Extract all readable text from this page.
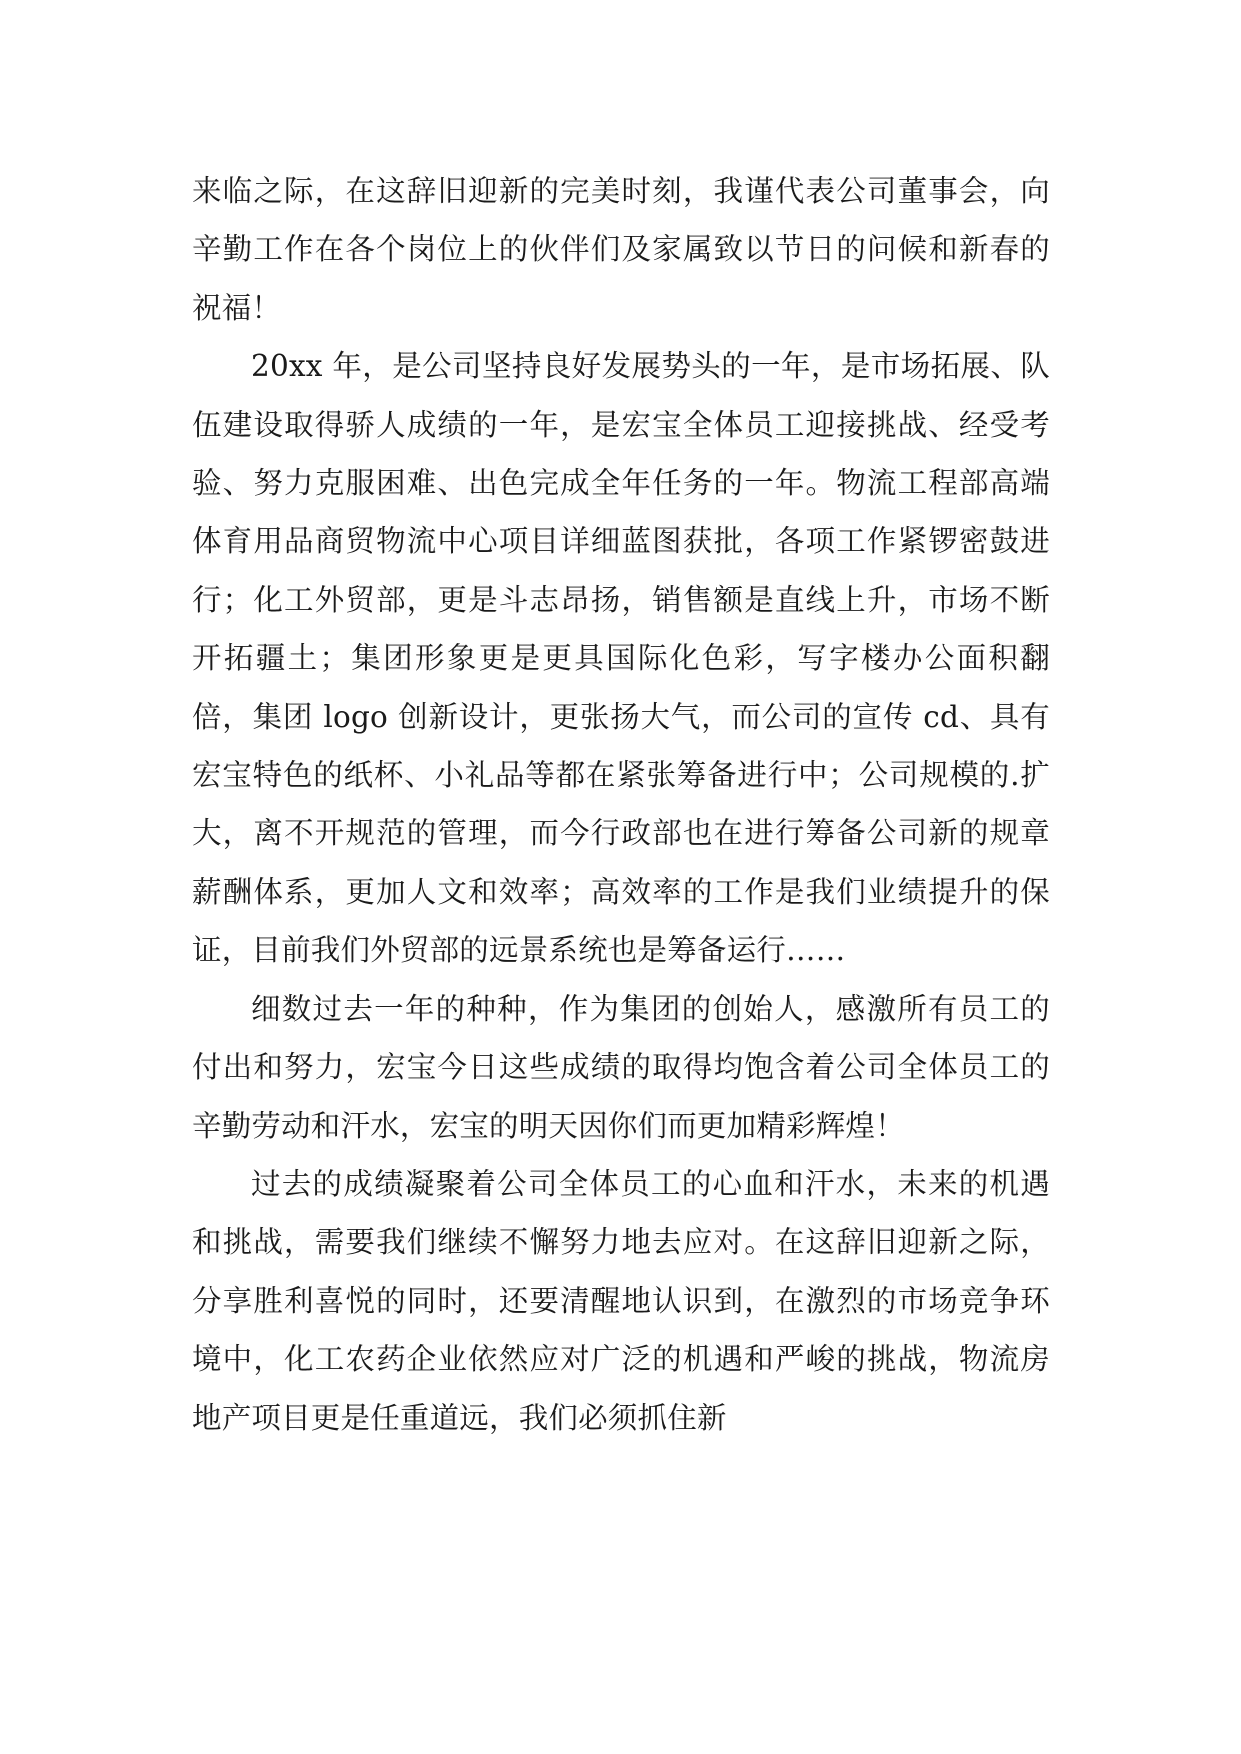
来临之际，在这辞旧迎新的完美时刻，我谨代表公司董事会，向辛勤工作在各个岗位上的伙伴们及家属致以节日的问候和新春的祝福！

20xx 年，是公司坚持良好发展势头的一年，是市场拓展、队伍建设取得骄人成绩的一年，是宏宝全体员工迎接挑战、经受考验、努力克服困难、出色完成全年任务的一年。物流工程部高端体育用品商贸物流中心项目详细蓝图获批，各项工作紧锣密鼓进行；化工外贸部，更是斗志昂扬，销售额是直线上升，市场不断开拓疆土；集团形象更是更具国际化色彩，写字楼办公面积翻倍，集团 logo 创新设计，更张扬大气，而公司的宣传 cd、具有宏宝特色的纸杯、小礼品等都在紧张筹备进行中；公司规模的.扩大，离不开规范的管理，而今行政部也在进行筹备公司新的规章薪酬体系，更加人文和效率；高效率的工作是我们业绩提升的保证，目前我们外贸部的远景系统也是筹备运行……

细数过去一年的种种，作为集团的创始人，感激所有员工的付出和努力，宏宝今日这些成绩的取得均饱含着公司全体员工的辛勤劳动和汗水，宏宝的明天因你们而更加精彩辉煌！

过去的成绩凝聚着公司全体员工的心血和汗水，未来的机遇和挑战，需要我们继续不懈努力地去应对。在这辞旧迎新之际，分享胜利喜悦的同时，还要清醒地认识到，在激烈的市场竞争环境中，化工农药企业依然应对广泛的机遇和严峻的挑战，物流房地产项目更是任重道远，我们必须抓住新
